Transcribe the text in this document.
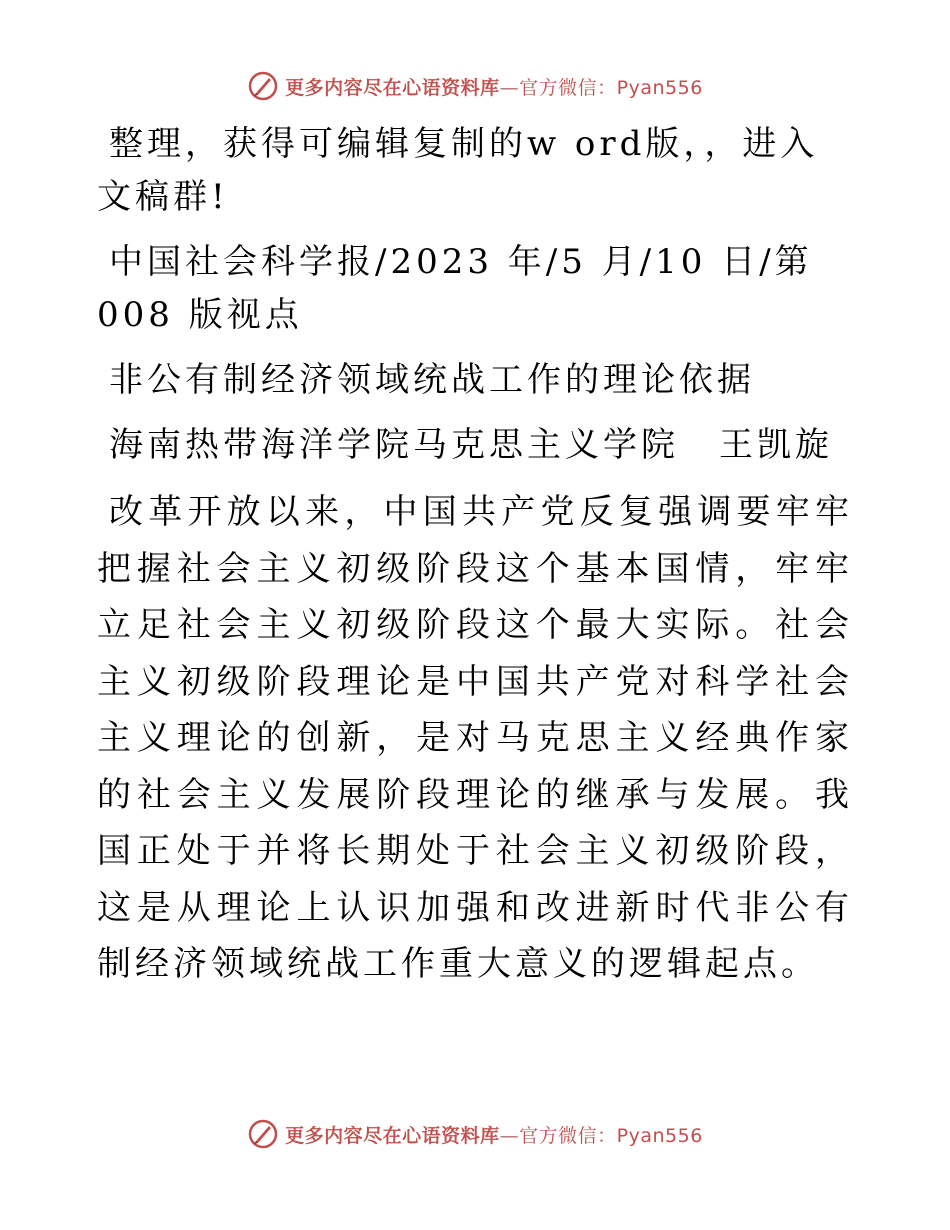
更多内容尽在心语资料库—官方微信：Pyan556

整理，获得可编辑复制的w ord版，，进入文稿群!

中国社会科学报/2023 年/5 月/10 日/第 008 版视点

非公有制经济领域统战工作的理论依据

海南热带海洋学院马克思主义学院 王凯旋

改革开放以来，中国共产党反复强调要牢牢把握社会主义初级阶段这个基本国情，牢牢立足社会主义初级阶段这个最大实际。社会主义初级阶段理论是中国共产党对科学社会主义理论的创新，是对马克思主义经典作家的社会主义发展阶段理论的继承与发展。我国正处于并将长期处于社会主义初级阶段，这是从理论上认识加强和改进新时代非公有制经济领域统战工作重大意义的逻辑起点。

更多内容尽在心语资料库—官方微信：Pyan556
